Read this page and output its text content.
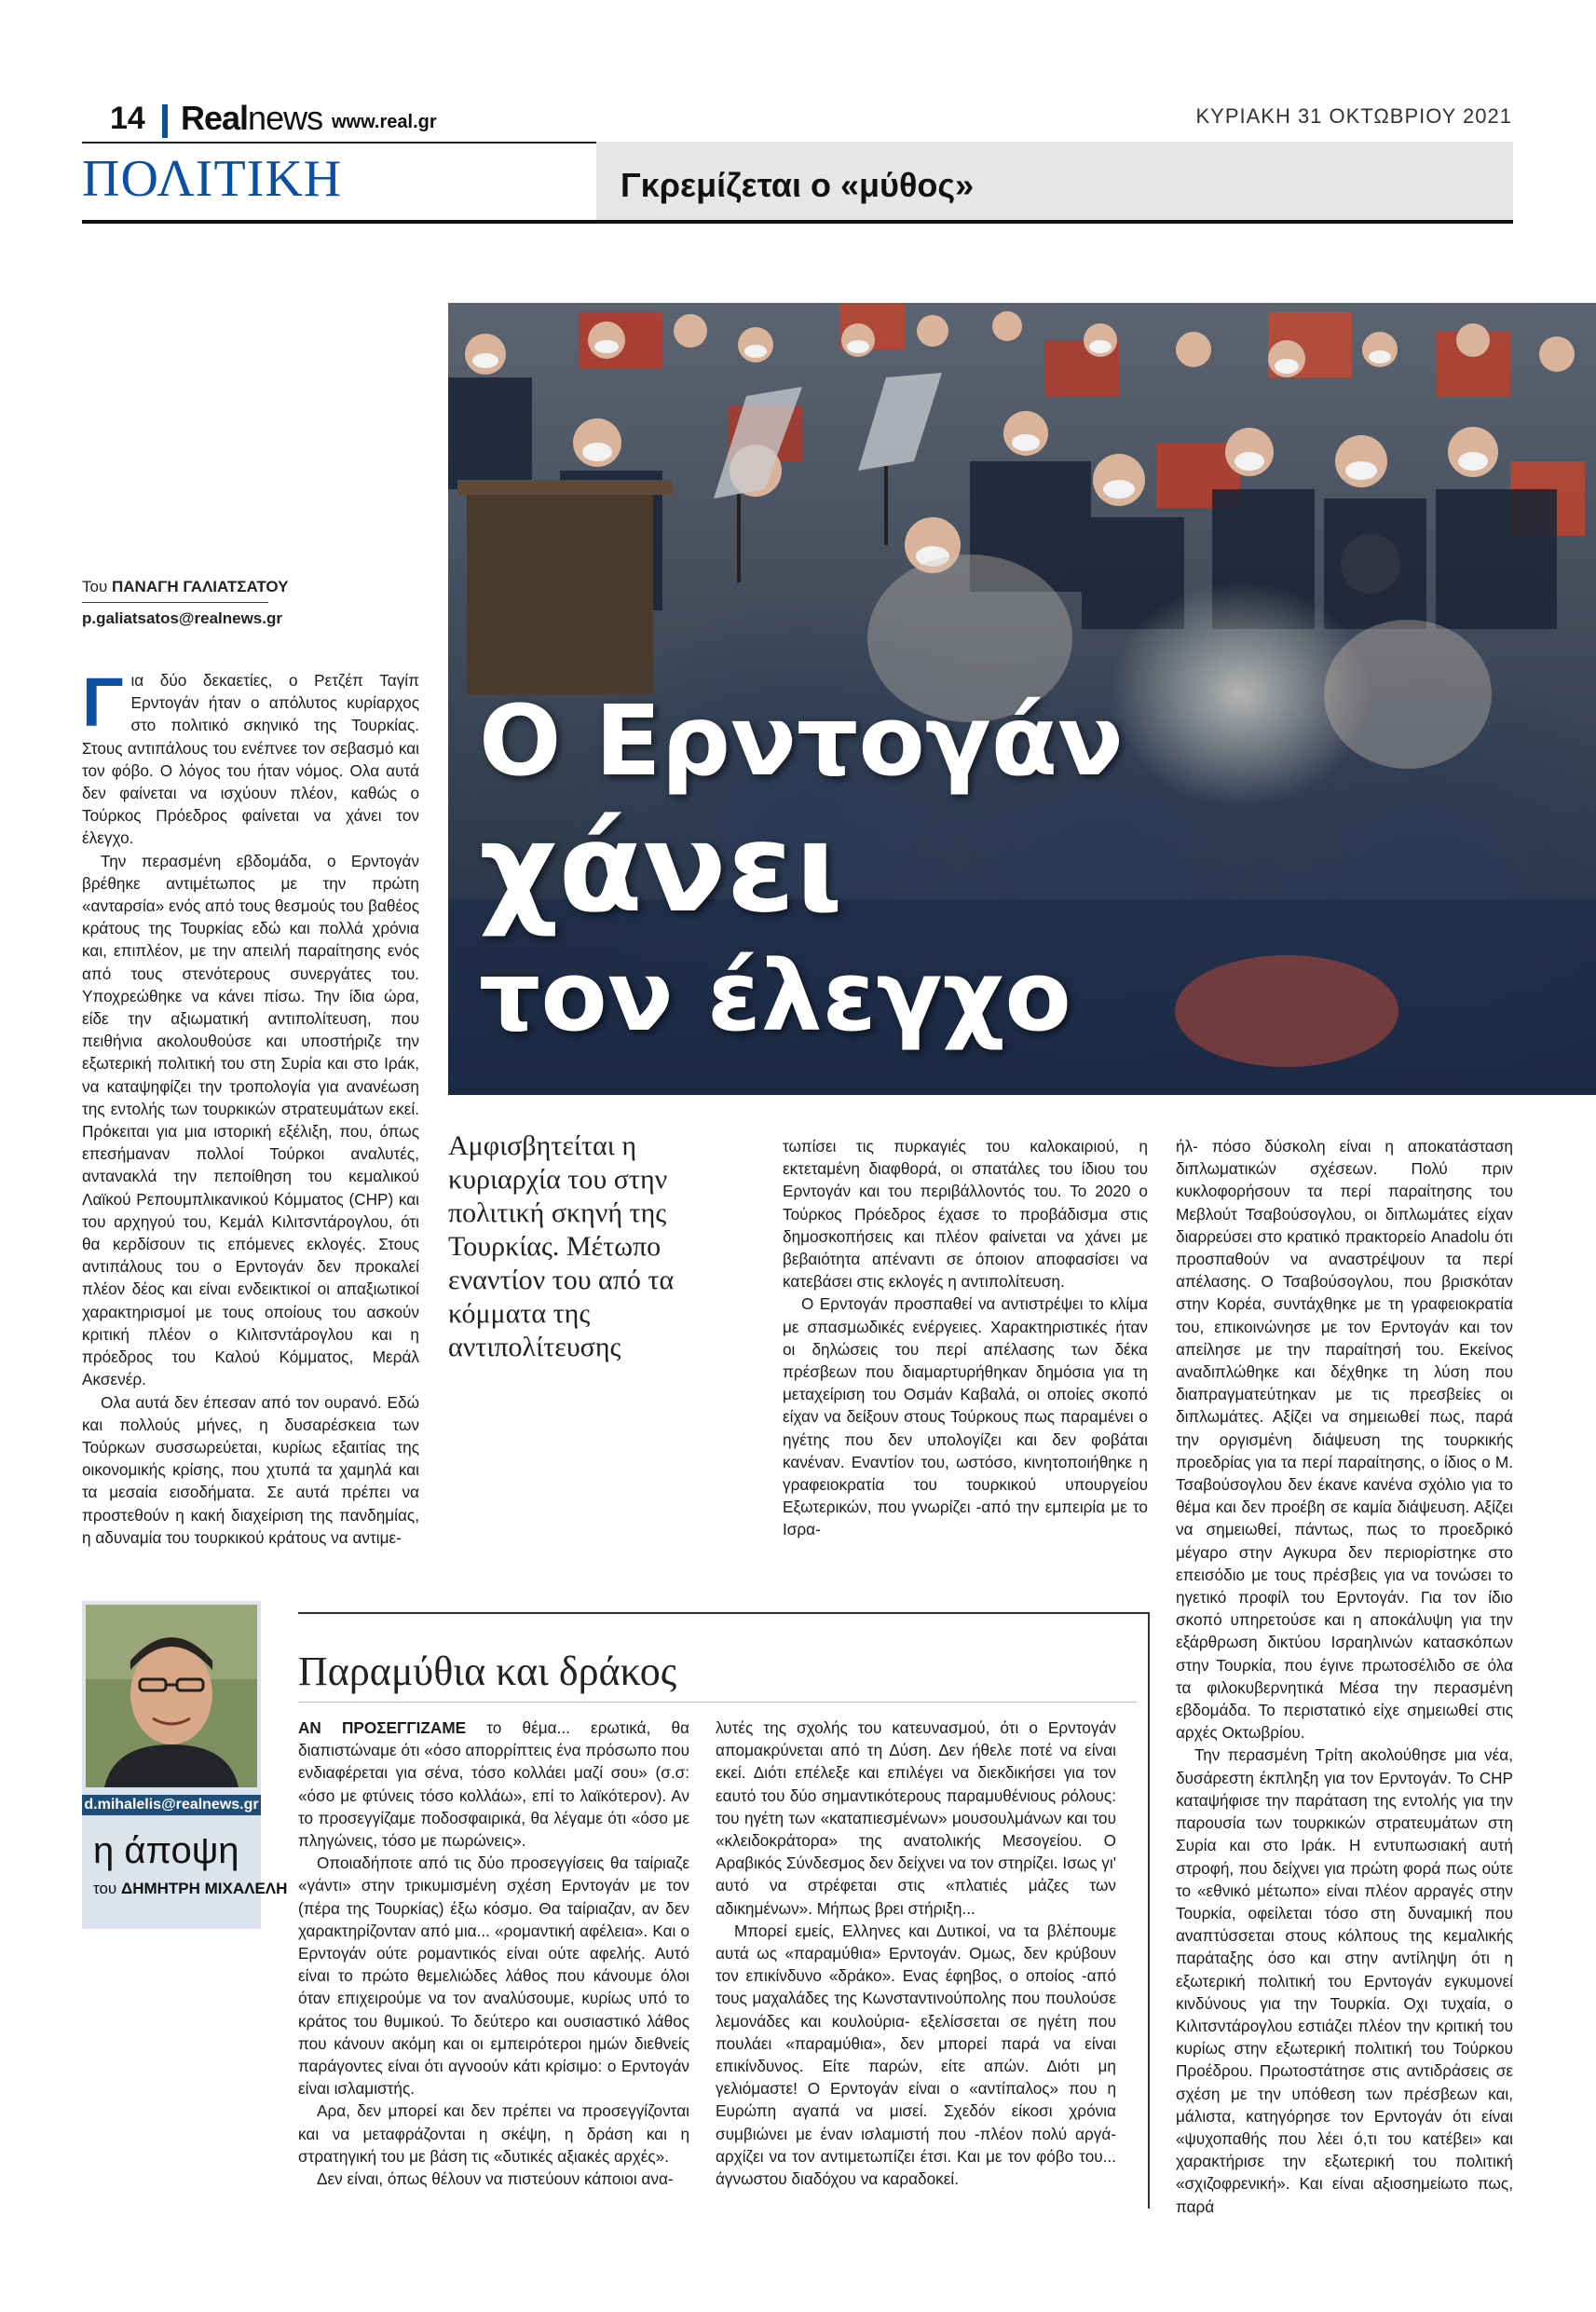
14 Realnews www.real.gr	ΚΥΡΙΑΚΗ 31 ΟΚΤΩΒΡΙΟΥ 2021
ΠΟΛΙΤΙΚΗ	Γκρεμίζεται ο «μύθος»
Ο Ερντογάν
χάνει
τον έλεγχο
Του ΠΑΝΑΓΗ ΓΑΛΙΑΤΣΑΤΟΥ
p.galiatsatos@realnews.gr
Γ ια δύο δεκαετίες, ο Ρετζέπ Ταγίπ Ερντογάν ήταν ο απόλυτος κυρίαρχος στο πολιτικό σκηνικό της Τουρκίας. Στους αντιπάλους του ενέπνεε τον σεβασμό και τον φόβο. Ο λόγος του ήταν νόμος. Ολα αυτά δεν φαίνεται να ισχύουν πλέον, καθώς ο Τούρκος Πρόεδρος φαίνεται να χάνει τον έλεγχο.

Την περασμένη εβδομάδα, ο Ερντογάν βρέθηκε αντιμέτωπος με την πρώτη «ανταρσία» ενός από τους θεσμούς του βαθέος κράτους της Τουρκίας εδώ και πολλά χρόνια και, επιπλέον, με την απειλή παραίτησης ενός από τους στενότερους συνεργάτες του. Υποχρεώθηκε να κάνει πίσω. Την ίδια ώρα, είδε την αξιωματική αντιπολίτευση, που πειθήνια ακολουθούσε και υποστήριζε την εξωτερική πολιτική του στη Συρία και στο Ιράκ, να καταψηφίζει την τροπολογία για ανανέωση της εντολής των τουρκικών στρατευμάτων εκεί. Πρόκειται για μια ιστορική εξέλιξη, που, όπως επεσήμαναν πολλοί Τούρκοι αναλυτές, αντανακλά την πεποίθηση του κεμαλικού Λαϊκού Ρεπουμπλικανικού Κόμματος (CHP) και του αρχηγού του, Κεμάλ Κιλιτσντάρογλου, ότι θα κερδίσουν τις επόμενες εκλογές. Στους αντιπάλους του ο Ερντογάν δεν προκαλεί πλέον δέος και είναι ενδεικτικοί οι απαξιωτικοί χαρακτηρισμοί με τους οποίους του ασκούν κριτική πλέον ο Κιλιτσντάρογλου και η πρόεδρος του Καλού Κόμματος, Μεράλ Ακσενέρ.

Ολα αυτά δεν έπεσαν από τον ουρανό. Εδώ και πολλούς μήνες, η δυσαρέσκεια των Τούρκων συσσωρεύεται, κυρίως εξαιτίας της οικονομικής κρίσης, που χτυπά τα χαμηλά και τα μεσαία εισοδήματα. Σε αυτά πρέπει να προστεθούν η κακή διαχείριση της πανδημίας, η αδυναμία του τουρκικού κράτους να αντιμε-

Αμφισβητείται η κυριαρχία του στην πολιτική σκηνή της Τουρκίας. Μέτωπο εναντίον του από τα κόμματα της αντιπολίτευσης

τωπίσει τις πυρκαγιές του καλοκαιριού, η εκτεταμένη διαφθορά, οι σπατάλες του ίδιου του Ερντογάν και του περιβάλλοντός του. Το 2020 ο Τούρκος Πρόεδρος έχασε το προβάδισμα στις δημοσκοπήσεις και πλέον φαίνεται να χάνει με βεβαιότητα απέναντι σε όποιον αποφασίσει να κατεβάσει στις εκλογές η αντιπολίτευση.

Ο Ερντογάν προσπαθεί να αντιστρέψει το κλίμα με σπασμωδικές ενέργειες. Χαρακτηριστικές ήταν οι δηλώσεις του περί απέλασης των δέκα πρέσβεων που διαμαρτυρήθηκαν δημόσια για τη μεταχείριση του Οσμάν Καβαλά, οι οποίες σκοπό είχαν να δείξουν στους Τούρκους πως παραμένει ο ηγέτης που δεν υπολογίζει και δεν φοβάται κανέναν. Εναντίον του, ωστόσο, κινητοποιήθηκε η γραφειοκρατία του τουρκικού υπουργείου Εξωτερικών, που γνωρίζει -από την εμπειρία με το Ισρα-

ήλ- πόσο δύσκολη είναι η αποκατάσταση διπλωματικών σχέσεων. Πολύ πριν κυκλοφορήσουν τα περί παραίτησης του Μεβλούτ Τσαβούσογλου, οι διπλωμάτες είχαν διαρρεύσει στο κρατικό πρακτορείο Anadolu ότι προσπαθούν να αναστρέψουν τα περί απέλασης. Ο Τσαβούσογλου, που βρισκόταν στην Κορέα, συντάχθηκε με τη γραφειοκρατία του, επικοινώνησε με τον Ερντογάν και τον απείλησε με την παραίτησή του. Εκείνος αναδιπλώθηκε και δέχθηκε τη λύση που διαπραγματεύτηκαν με τις πρεσβείες οι διπλωμάτες. Αξίζει να σημειωθεί πως, παρά την οργισμένη διάψευση της τουρκικής προεδρίας για τα περί παραίτησης, ο ίδιος ο Μ. Τσαβούσογλου δεν έκανε κανένα σχόλιο για το θέμα και δεν προέβη σε καμία διάψευση. Αξίζει να σημειωθεί, πάντως, πως το προεδρικό μέγαρο στην Αγκυρα δεν περιορίστηκε στο επεισόδιο με τους πρέσβεις για να τονώσει το ηγετικό προφίλ του Ερντογάν. Για τον ίδιο σκοπό υπηρετούσε και η αποκάλυψη για την εξάρθρωση δικτύου Ισραηλινών κατασκόπων στην Τουρκία, που έγινε πρωτοσέλιδο σε όλα τα φιλοκυβερνητικά Μέσα την περασμένη εβδομάδα. Το περιστατικό είχε σημειωθεί στις αρχές Οκτωβρίου.

Την περασμένη Τρίτη ακολούθησε μια νέα, δυσάρεστη έκπληξη για τον Ερντογάν. Το CHP καταψήφισε την παράταση της εντολής για την παρουσία των τουρκικών στρατευμάτων στη Συρία και στο Ιράκ. Η εντυπωσιακή αυτή στροφή, που δείχνει για πρώτη φορά πως ούτε το «εθνικό μέτωπο» είναι πλέον αρραγές στην Τουρκία, οφείλεται τόσο στη δυναμική που αναπτύσσεται στους κόλπους της κεμαλικής παράταξης όσο και στην αντίληψη ότι η εξωτερική πολιτική του Ερντογάν εγκυμονεί κινδύνους για την Τουρκία. Οχι τυχαία, ο Κιλιτσντάρογλου εστιάζει πλέον την κριτική του κυρίως στην εξωτερική πολιτική του Τούρκου Προέδρου. Πρωτοστάτησε στις αντιδράσεις σε σχέση με την υπόθεση των πρέσβεων και, μάλιστα, κατηγόρησε τον Ερντογάν ότι είναι «ψυχοπαθής που λέει ό,τι του κατέβει» και χαρακτήρισε την εξωτερική του πολιτική «σχιζοφρενική». Και είναι αξιοσημείωτο πως, παρά

d.mihalelis@realnews.gr
η άποψη
του ΔΗΜΗΤΡΗ ΜΙΧΑΛΕΛΗ
Παραμύθια και δράκος

ΑΝ ΠΡΟΣΕΓΓΙΖΑΜΕ το θέμα... ερωτικά, θα διαπιστώναμε ότι «όσο απορρίπτεις ένα πρόσωπο που ενδιαφέρεται για σένα, τόσο κολλάει μαζί σου» (σ.σ: «όσο με φτύνεις τόσο κολλάω», επί το λαϊκότερον). Αν το προσεγγίζαμε ποδοσφαιρικά, θα λέγαμε ότι «όσο με πληγώνεις, τόσο με πωρώνεις».

Οποιαδήποτε από τις δύο προσεγγίσεις θα ταίριαζε «γάντι» στην τρικυμισμένη σχέση Ερντογάν με τον (πέρα της Τουρκίας) έξω κόσμο. Θα ταίριαζαν, αν δεν χαρακτηρίζονταν από μια... «ρομαντική αφέλεια». Και ο Ερντογάν ούτε ρομαντικός είναι ούτε αφελής. Αυτό είναι το πρώτο θεμελιώδες λάθος που κάνουμε όλοι όταν επιχειρούμε να τον αναλύσουμε, κυρίως υπό το κράτος του θυμικού. Το δεύτερο και ουσιαστικό λάθος που κάνουν ακόμη και οι εμπειρότεροι ημών διεθνείς παράγοντες είναι ότι αγνοούν κάτι κρίσιμο: ο Ερντογάν είναι ισλαμιστής.

Αρα, δεν μπορεί και δεν πρέπει να προσεγγίζονται και να μεταφράζονται η σκέψη, η δράση και η στρατηγική του με βάση τις «δυτικές αξιακές αρχές».

Δεν είναι, όπως θέλουν να πιστεύουν κάποιοι ανα-

λυτές της σχολής του κατευνασμού, ότι ο Ερντογάν απομακρύνεται από τη Δύση. Δεν ήθελε ποτέ να είναι εκεί. Διότι επέλεξε και επιλέγει να διεκδικήσει για τον εαυτό του δύο σημαντικότερους παραμυθένιους ρόλους: του ηγέτη των «καταπιεσμένων» μουσουλμάνων και του «κλειδοκράτορα» της ανατολικής Μεσογείου. Ο Αραβικός Σύνδεσμος δεν δείχνει να τον στηρίζει. Ισως γι' αυτό να στρέφεται στις «πλατιές μάζες των αδικημένων». Μήπως βρει στήριξη...

Μπορεί εμείς, Ελληνες και Δυτικοί, να τα βλέπουμε αυτά ως «παραμύθια» Ερντογάν. Ομως, δεν κρύβουν τον επικίνδυνο «δράκο». Ενας έφηβος, ο οποίος -από τους μαχαλάδες της Κωνσταντινούπολης που πουλούσε λεμονάδες και κουλούρια- εξελίσσεται σε ηγέτη που πουλάει «παραμύθια», δεν μπορεί παρά να είναι επικίνδυνος. Είτε παρών, είτε απών. Διότι μη γελιόμαστε! Ο Ερντογάν είναι ο «αντίπαλος» που η Ευρώπη αγαπά να μισεί. Σχεδόν είκοσι χρόνια συμβιώνει με έναν ισλαμιστή που -πλέον πολύ αργά- αρχίζει να τον αντιμετωπίζει έτσι. Και με τον φόβο του... άγνωστου διαδόχου να καραδοκεί.
